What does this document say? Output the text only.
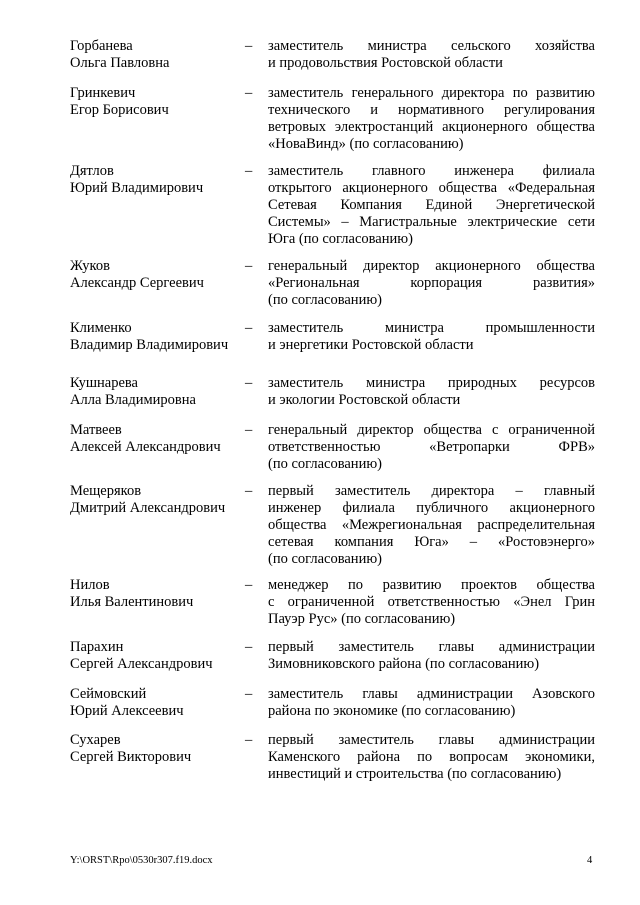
Горбанева
Ольга Павловна
– заместитель министра сельского хозяйства
и продовольствия Ростовской области
Гринкевич
Егор Борисович
– заместитель генерального директора по развитию
технического и нормативного регулирования
ветровых электростанций акционерного общества
«НоваВинд» (по согласованию)
Дятлов
Юрий Владимирович
– заместитель главного инженера филиала
открытого акционерного общества «Федеральная
Сетевая Компания Единой Энергетической
Системы» – Магистральные электрические сети
Юга (по согласованию)
Жуков
Александр Сергеевич
– генеральный директор акционерного общества
«Региональная корпорация развития»
(по согласованию)
Клименко
Владимир Владимирович
– заместитель министра промышленности
и энергетики Ростовской области
Кушнарева
Алла Владимировна
– заместитель министра природных ресурсов
и экологии Ростовской области
Матвеев
Алексей Александрович
– генеральный директор общества с ограниченной
ответственностью «Ветропарки ФРВ»
(по согласованию)
Мещеряков
Дмитрий Александрович
– первый заместитель директора – главный
инженер филиала публичного акционерного
общества «Межрегиональная распределительная
сетевая компания Юга» – «Ростовэнерго»
(по согласованию)
Нилов
Илья Валентинович
– менеджер по развитию проектов общества
с ограниченной ответственностью «Энел Грин
Пауэр Рус» (по согласованию)
Парахин
Сергей Александрович
– первый заместитель главы администрации
Зимовниковского района (по согласованию)
Сеймовский
Юрий Алексеевич
– заместитель главы администрации Азовского
района по экономике (по согласованию)
Сухарев
Сергей Викторович
– первый заместитель главы администрации
Каменского района по вопросам экономики,
инвестиций и строительства (по согласованию)
Y:\ORST\Rpo\0530r307.f19.docx	4
